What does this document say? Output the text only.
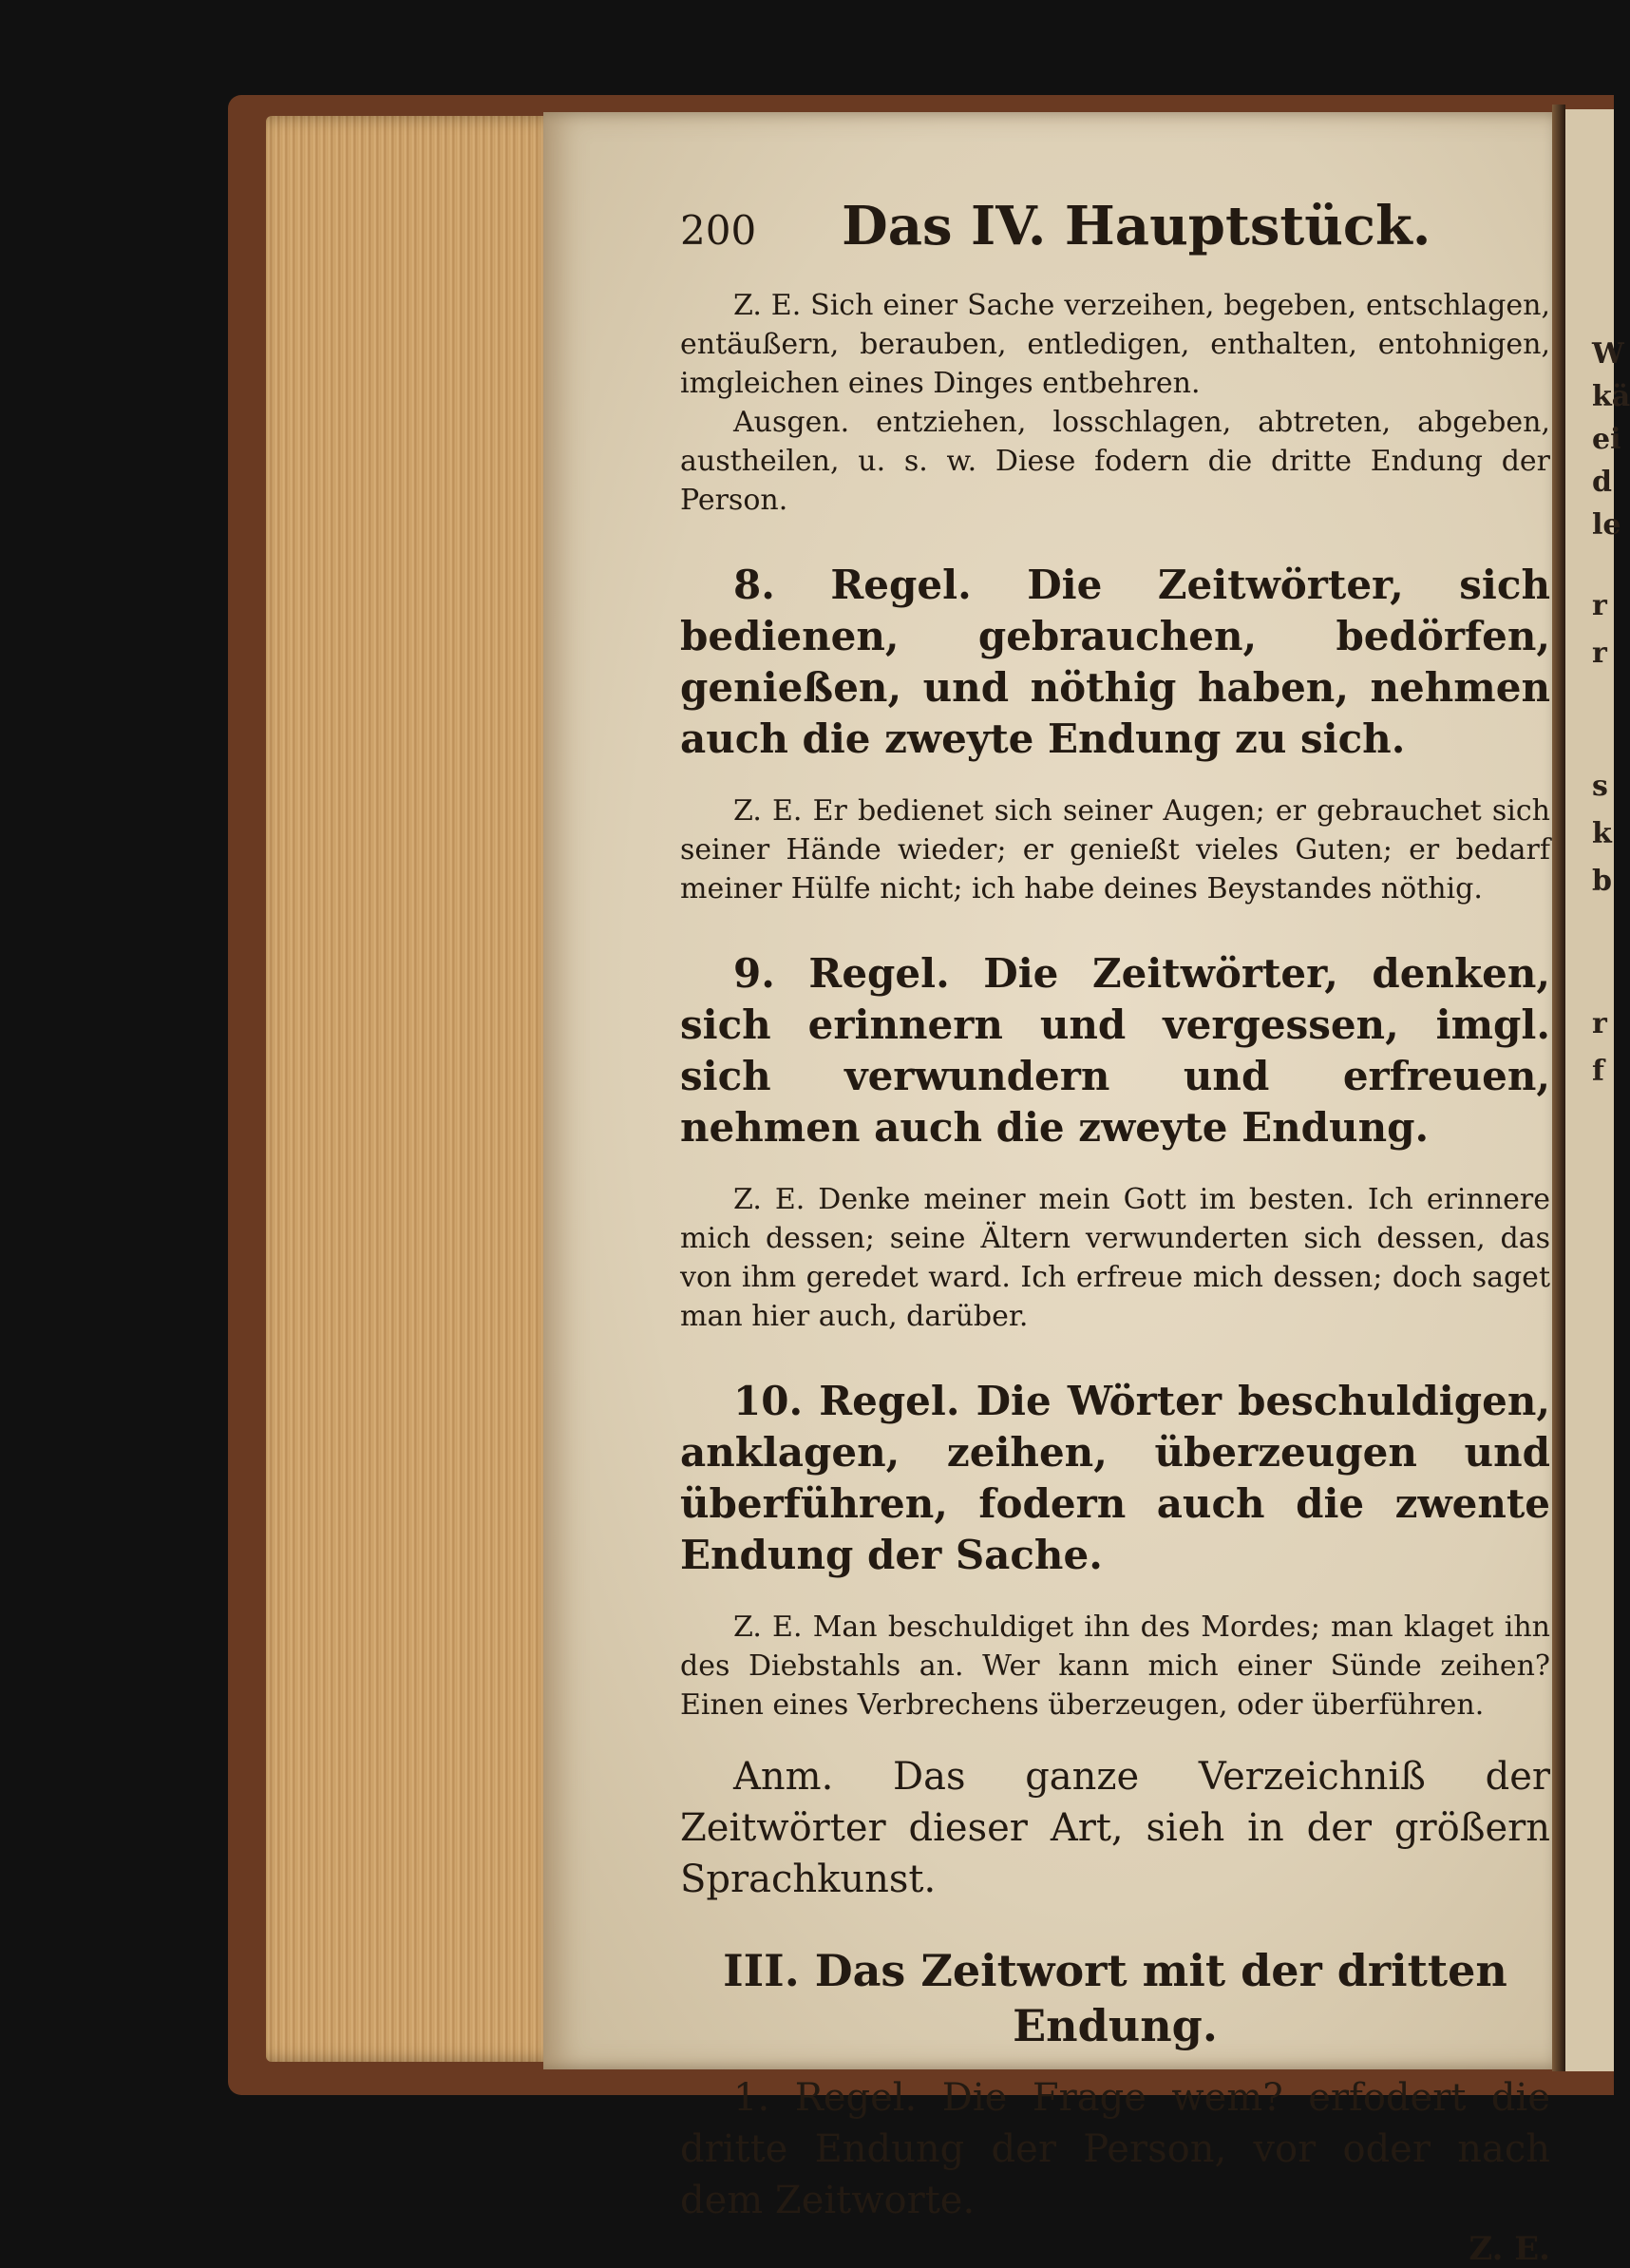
W
kä
ei
d
le
r
r
s
k
b
r
f
200 Das IV. Hauptstück.

Z. E. Sich einer Sache verzeihen, begeben, entschlagen, entäußern, berauben, entledigen, enthalten, entohnigen, imgleichen eines Dinges entbehren.

Ausgen. entziehen, losschlagen, abtreten, abgeben, austheilen, u. s. w. Diese fodern die dritte Endung der Person.

8. Regel. Die Zeitwörter, sich bedienen, gebrauchen, bedörfen, genießen, und nöthig haben, nehmen auch die zweyte Endung zu sich.

Z. E. Er bedienet sich seiner Augen; er gebrauchet sich seiner Hände wieder; er genießt vieles Guten; er bedarf meiner Hülfe nicht; ich habe deines Beystandes nöthig.

9. Regel. Die Zeitwörter, denken, sich erinnern und vergessen, imgl. sich verwundern und erfreuen, nehmen auch die zweyte Endung.

Z. E. Denke meiner mein Gott im besten. Ich erinnere mich dessen; seine Ältern verwunderten sich dessen, das von ihm geredet ward. Ich erfreue mich dessen; doch saget man hier auch, darüber.

10. Regel. Die Wörter beschuldigen, anklagen, zeihen, überzeugen und überführen, fodern auch die zwente Endung der Sache.

Z. E. Man beschuldiget ihn des Mordes; man klaget ihn des Diebstahls an. Wer kann mich einer Sünde zeihen? Einen eines Verbrechens überzeugen, oder überführen.

Anm. Das ganze Verzeichniß der Zeitwörter dieser Art, sieh in der größern Sprachkunst.

III. Das Zeitwort mit der dritten Endung.

1. Regel. Die Frage wem? erfodert die dritte Endung der Person, vor oder nach dem Zeitworte.

Z. E.
